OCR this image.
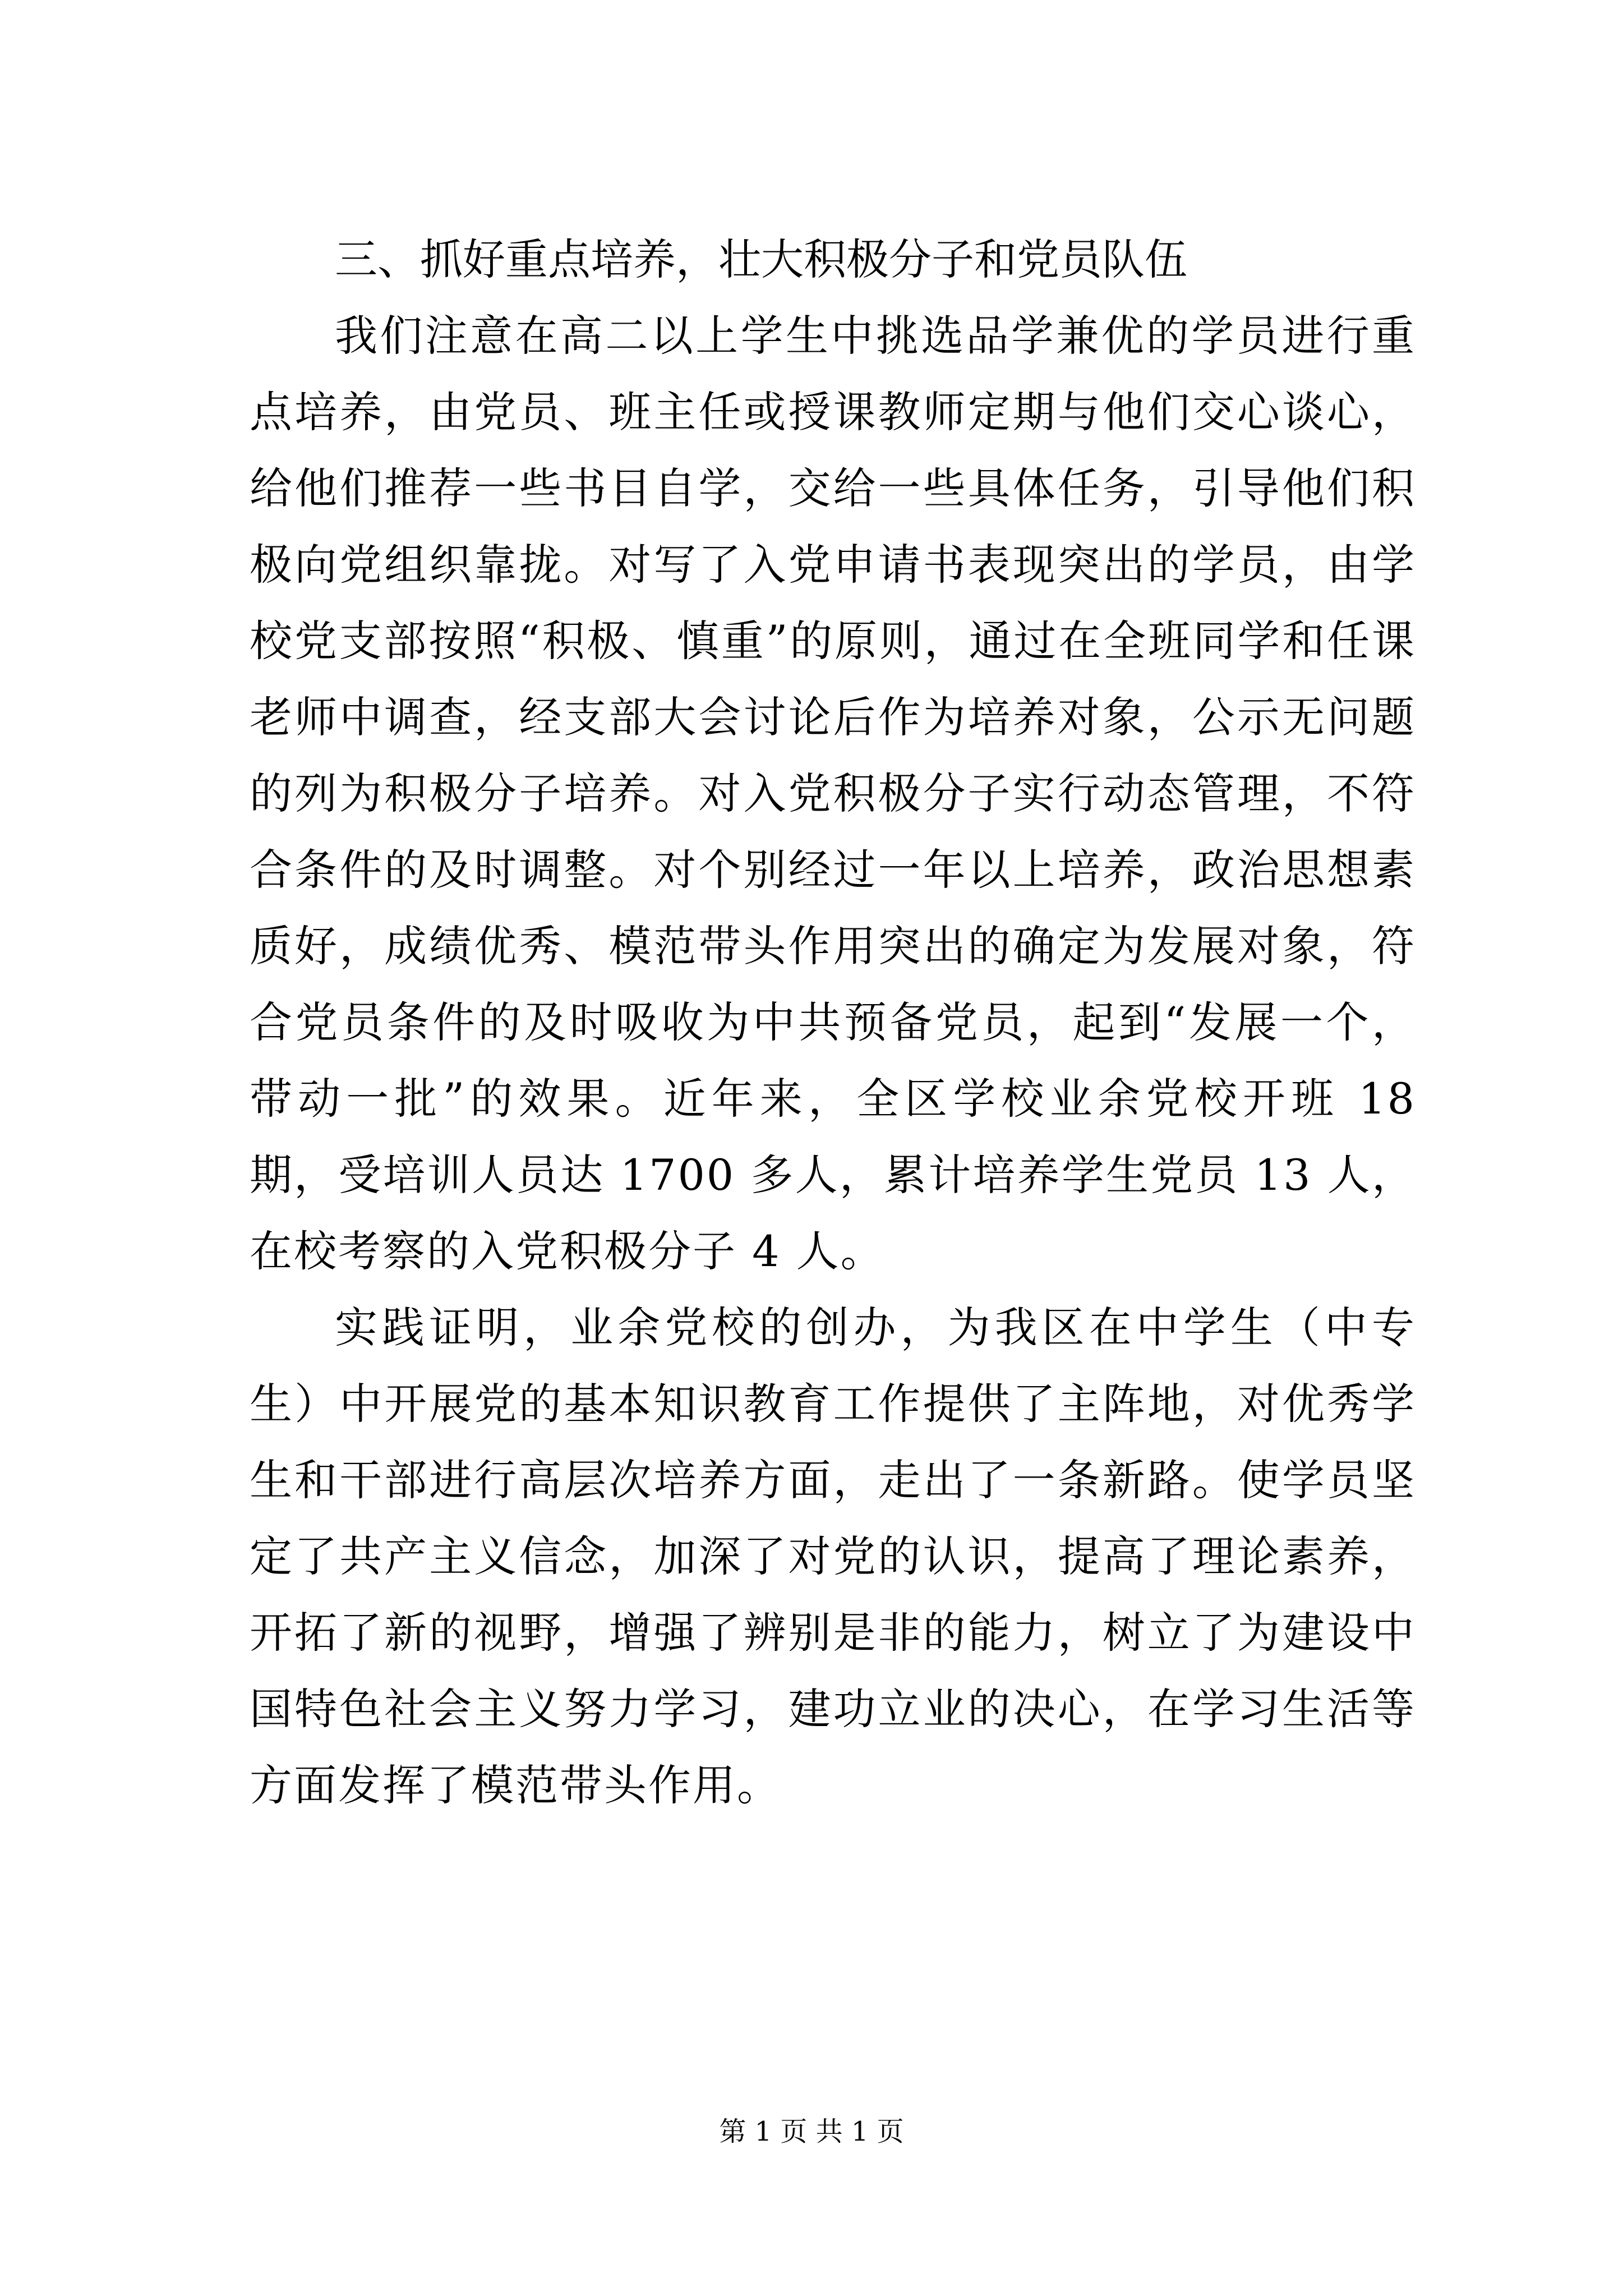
三、抓好重点培养，壮大积极分子和党员队伍

我们注意在高二以上学生中挑选品学兼优的学员进行重点培养，由党员、班主任或授课教师定期与他们交心谈心，给他们推荐一些书目自学，交给一些具体任务，引导他们积极向党组织靠拢。对写了入党申请书表现突出的学员，由学校党支部按照“积极、慎重”的原则，通过在全班同学和任课老师中调查，经支部大会讨论后作为培养对象，公示无问题的列为积极分子培养。对入党积极分子实行动态管理，不符合条件的及时调整。对个别经过一年以上培养，政治思想素质好，成绩优秀、模范带头作用突出的确定为发展对象，符合党员条件的及时吸收为中共预备党员，起到“发展一个，带动一批”的效果。近年来，全区学校业余党校开班 18 期，受培训人员达 1700 多人，累计培养学生党员 13 人，在校考察的入党积极分子 4 人。

实践证明，业余党校的创办，为我区在中学生（中专生）中开展党的基本知识教育工作提供了主阵地，对优秀学生和干部进行高层次培养方面，走出了一条新路。使学员坚定了共产主义信念，加深了对党的认识，提高了理论素养，开拓了新的视野，增强了辨别是非的能力，树立了为建设中国特色社会主义努力学习，建功立业的决心，在学习生活等方面发挥了模范带头作用。

第 1 页 共 1 页
